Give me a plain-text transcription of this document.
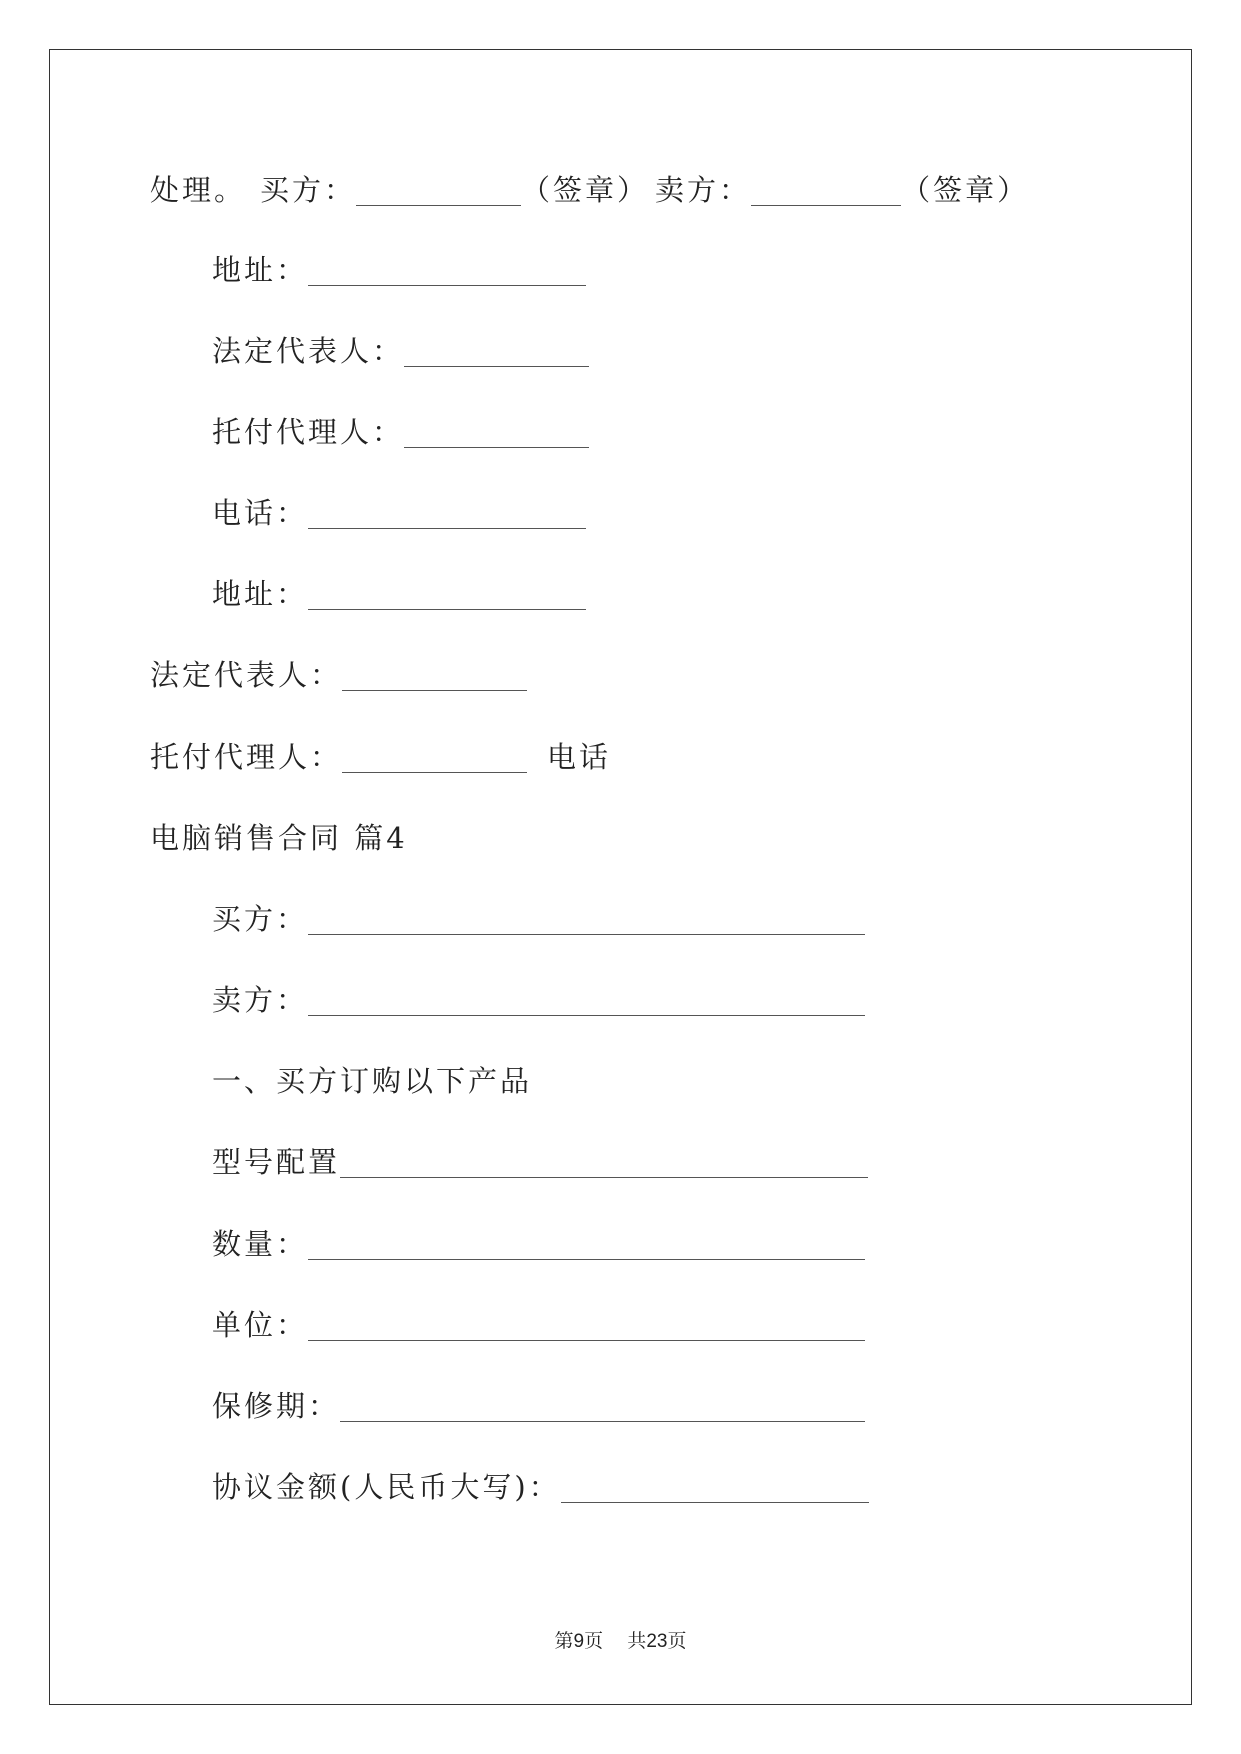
处理。 买方：	（签章） 卖方：	（签章）
地址：
法定代表人：
托付代理人：
电话：
地址：
法定代表人：
托付代理人：	电话
电脑销售合同 篇4
买方：
卖方：
一、买方订购以下产品
型号配置
数量：
单位：
保修期：
协议金额(人民币大写)：
第9页 共23页
